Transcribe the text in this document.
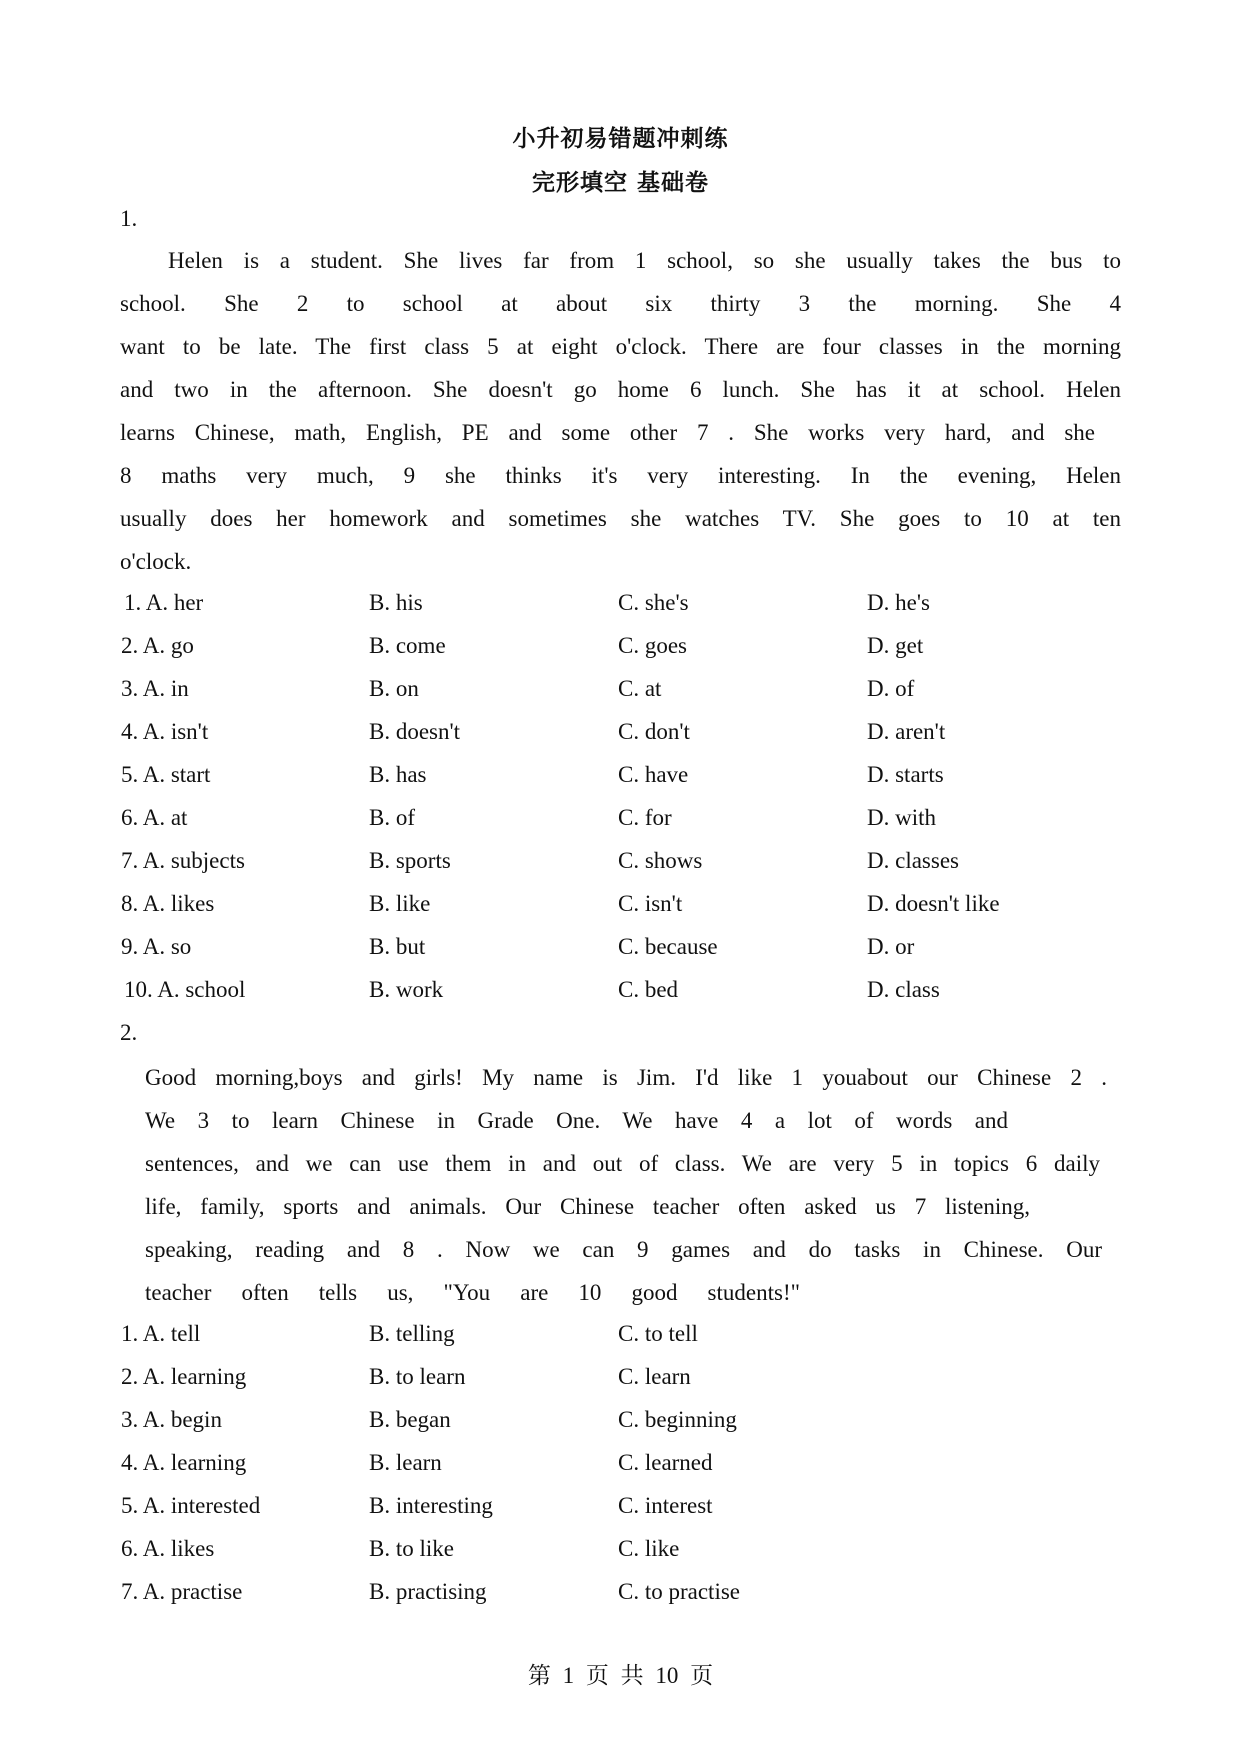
小升初易错题冲刺练
完形填空 基础卷
1.
Helen is a student. She lives far from 1 school, so she usually takes the bus to
school. She 2 to school at about six thirty 3 the morning. She 4
want to be late. The first class 5 at eight o'clock. There are four classes in the morning
and two in the afternoon. She doesn't go home 6 lunch. She has it at school. Helen
learns Chinese, math, English, PE and some other 7 . She works very hard, and she
8 maths very much, 9 she thinks it's very interesting. In the evening, Helen
usually does her homework and sometimes she watches TV. She goes to 10 at ten
o'clock.
1. A. her	B. his	C. she's	D. he's
2. A. go	B. come	C. goes	D. get
3. A. in	B. on	C. at	D. of
4. A. isn't	B. doesn't	C. don't	D. aren't
5. A. start	B. has	C. have	D. starts
6. A. at	B. of	C. for	D. with
7. A. subjects	B. sports	C. shows	D. classes
8. A. likes	B. like	C. isn't	D. doesn't like
9. A. so	B. but	C. because	D. or
10. A. school	B. work	C. bed	D. class
2.
Good morning,boys and girls! My name is Jim. I'd like 1 youabout our Chinese 2 .
We 3 to learn Chinese in Grade One. We have 4 a lot of words and
sentences, and we can use them in and out of class. We are very 5 in topics 6 daily
life, family, sports and animals. Our Chinese teacher often asked us 7 listening,
speaking, reading and 8 . Now we can 9 games and do tasks in Chinese. Our
teacher often tells us, "You are 10 good students!"
1. A. tell	B. telling	C. to tell
2. A. learning	B. to learn	C. learn
3. A. begin	B. began	C. beginning
4. A. learning	B. learn	C. learned
5. A. interested	B. interesting	C. interest
6. A. likes	B. to like	C. like
7. A. practise	B. practising	C. to practise
第 1 页 共 10 页
